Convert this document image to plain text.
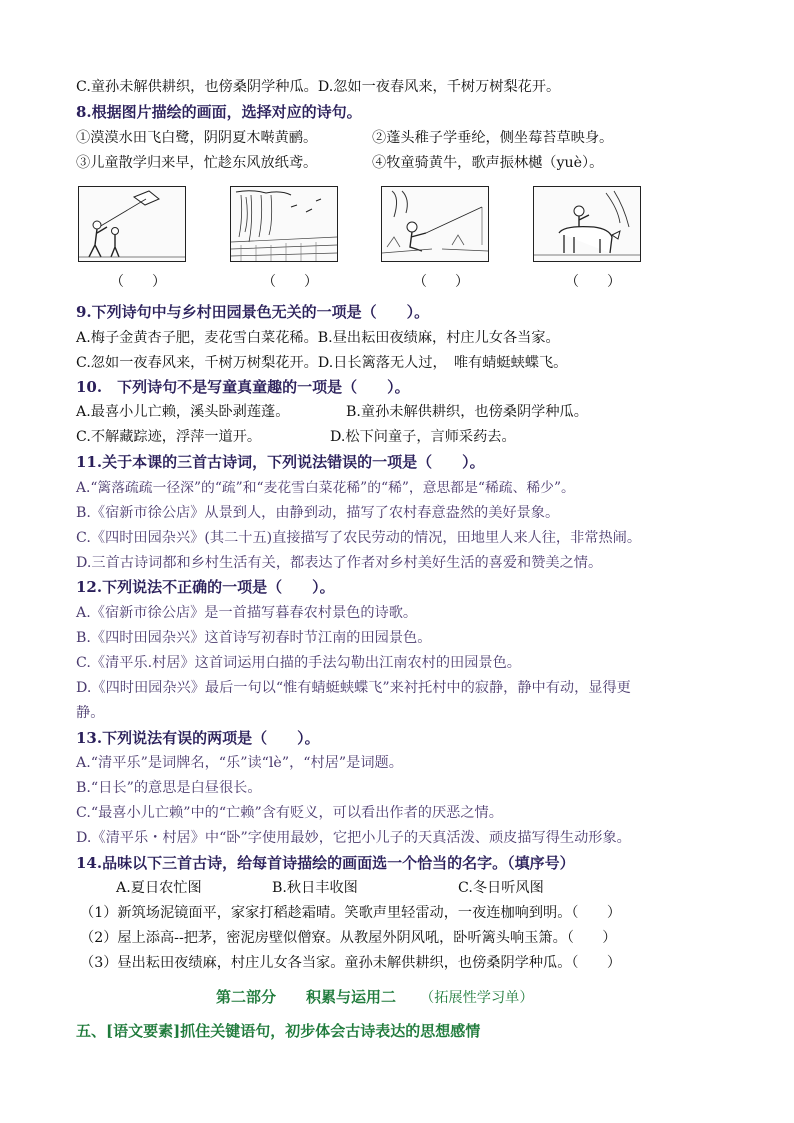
C.童孙未解供耕织，也傍桑阴学种瓜。D.忽如一夜春风来，千树万树梨花开。
8.根据图片描绘的画面，选择对应的诗句。
①漠漠水田飞白鹭，阴阴夏木啭黄鹂。	②蓬头稚子学垂纶，侧坐莓苔草映身。
③儿童散学归来早，忙趁东风放纸鸢。	④牧童骑黄牛，歌声振林樾（yuè）。
（　　）	（　　）	（　　）	（　　）
9.下列诗句中与乡村田园景色无关的一项是（　　）。
A.梅子金黄杏子肥，麦花雪白菜花稀。B.昼出耘田夜绩麻，村庄儿女各当家。
C.忽如一夜春风来，千树万树梨花开。D.日长篱落无人过，　唯有蜻蜓蛱蝶飞。
10.　下列诗句不是写童真童趣的一项是（　　）。
A.最喜小儿亡赖，溪头卧剥莲蓬。	B.童孙未解供耕织，也傍桑阴学种瓜。
C.不解藏踪迹，浮萍一道开。	D.松下问童子，言师采药去。
11.关于本课的三首古诗词，下列说法错误的一项是（　　）。
A.“篱落疏疏一径深”的“疏”和“麦花雪白菜花稀”的“稀”，意思都是“稀疏、稀少”。
B.《宿新市徐公店》从景到人，由静到动，描写了农村春意盎然的美好景象。
C.《四时田园杂兴》(其二十五)直接描写了农民劳动的情况，田地里人来人往，非常热闹。
D.三首古诗词都和乡村生活有关，都表达了作者对乡村美好生活的喜爱和赞美之情。
12.下列说法不正确的一项是（　　）。
A.《宿新市徐公店》是一首描写暮春农村景色的诗歌。
B.《四时田园杂兴》这首诗写初春时节江南的田园景色。
C.《清平乐.村居》这首词运用白描的手法勾勒出江南农村的田园景色。
D.《四时田园杂兴》最后一句以“惟有蜻蜓蛱蝶飞”来衬托村中的寂静，静中有动，显得更
静。
13.下列说法有误的两项是（　　）。
A.“清平乐”是词牌名，“乐”读“lè”，“村居”是词题。
B.“日长”的意思是白昼很长。
C.“最喜小儿亡赖”中的“亡赖”含有贬义，可以看出作者的厌恶之情。
D.《清平乐・村居》中“卧”字使用最妙，它把小儿子的天真活泼、顽皮描写得生动形象。
14.品味以下三首古诗，给每首诗描绘的画面选一个恰当的名字。（填序号）
A.夏日农忙图	B.秋日丰收图	C.冬日听风图
（1）新筑场泥镜面平，家家打稻趁霜晴。笑歌声里轻雷动，一夜连枷响到明。（　　）
（2）屋上添高--把茅，密泥房壁似僧寮。从教屋外阴风吼，卧听篱头响玉箫。（　　）
（3）昼出耘田夜绩麻，村庄儿女各当家。童孙未解供耕织，也傍桑阴学种瓜。（　　）
第二部分　　积累与运用二 （拓展性学习单）
五、[语文要素]抓住关键语句，初步体会古诗表达的思想感情
